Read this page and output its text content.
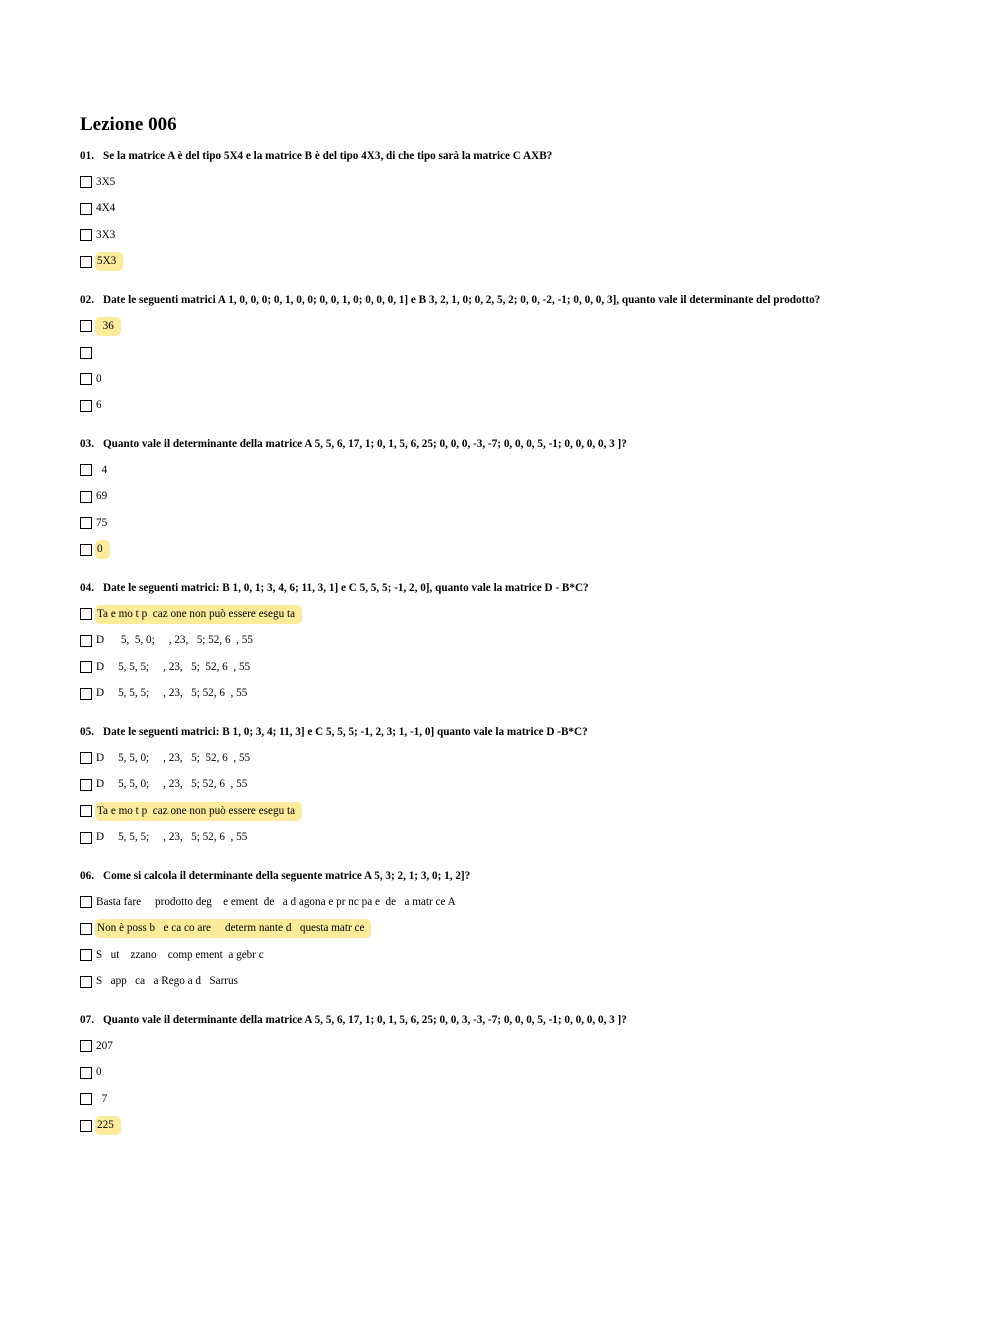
Lezione 006
01. Se la matrice A è del tipo 5X4 e la matrice B è del tipo 4X3, di che tipo sarà la matrice C AXB?
3X5
4X4
3X3
5X3
02. Date le seguenti matrici A 1, 0, 0, 0; 0, 1, 0, 0; 0, 0, 1, 0; 0, 0, 0, 1] e B 3, 2, 1, 0; 0, 2, 5, 2; 0, 0, -2, -1; 0, 0, 0, 3], quanto vale il determinante del prodotto?
36
0
6
03. Quanto vale il determinante della matrice A 5, 5, 6, 17, 1; 0, 1, 5, 6, 25; 0, 0, 0, -3, -7; 0, 0, 0, 5, -1; 0, 0, 0, 0, 3 ]?
4
69
75
0
04. Date le seguenti matrici: B 1, 0, 1; 3, 4, 6; 11, 3, 1] e C 5, 5, 5; -1, 2, 0], quanto vale la matrice D - B*C?
Ta e mo t p  caz one non può essere esegu ta
D      5,  5, 0;     , 23,   5; 52, 6  , 55
D     5, 5, 5;     , 23,   5;  52, 6  , 55
D     5, 5, 5;     , 23,   5; 52, 6  , 55
05. Date le seguenti matrici: B 1, 0; 3, 4; 11, 3] e C 5, 5, 5; -1, 2, 3; 1, -1, 0] quanto vale la matrice D -B*C?
D     5, 5, 0;     , 23,   5;  52, 6  , 55
D     5, 5, 0;     , 23,   5; 52, 6  , 55
Ta e mo t p  caz one non può essere esegu ta
D     5, 5, 5;     , 23,   5; 52, 6  , 55
06. Come si calcola il determinante della seguente matrice A 5, 3; 2, 1; 3, 0; 1, 2]?
Basta fare     prodotto deg    e ement  de   a d agona e pr nc pa e  de   a matr ce A
Non è poss b   e ca co are     determ nante d   questa matr ce
S   ut    zzano    comp ement  a gebr c
S   app   ca   a Rego a d   Sarrus
07. Quanto vale il determinante della matrice A 5, 5, 6, 17, 1; 0, 1, 5, 6, 25; 0, 0, 3, -3, -7; 0, 0, 0, 5, -1; 0, 0, 0, 0, 3 ]?
207
0
7
225
